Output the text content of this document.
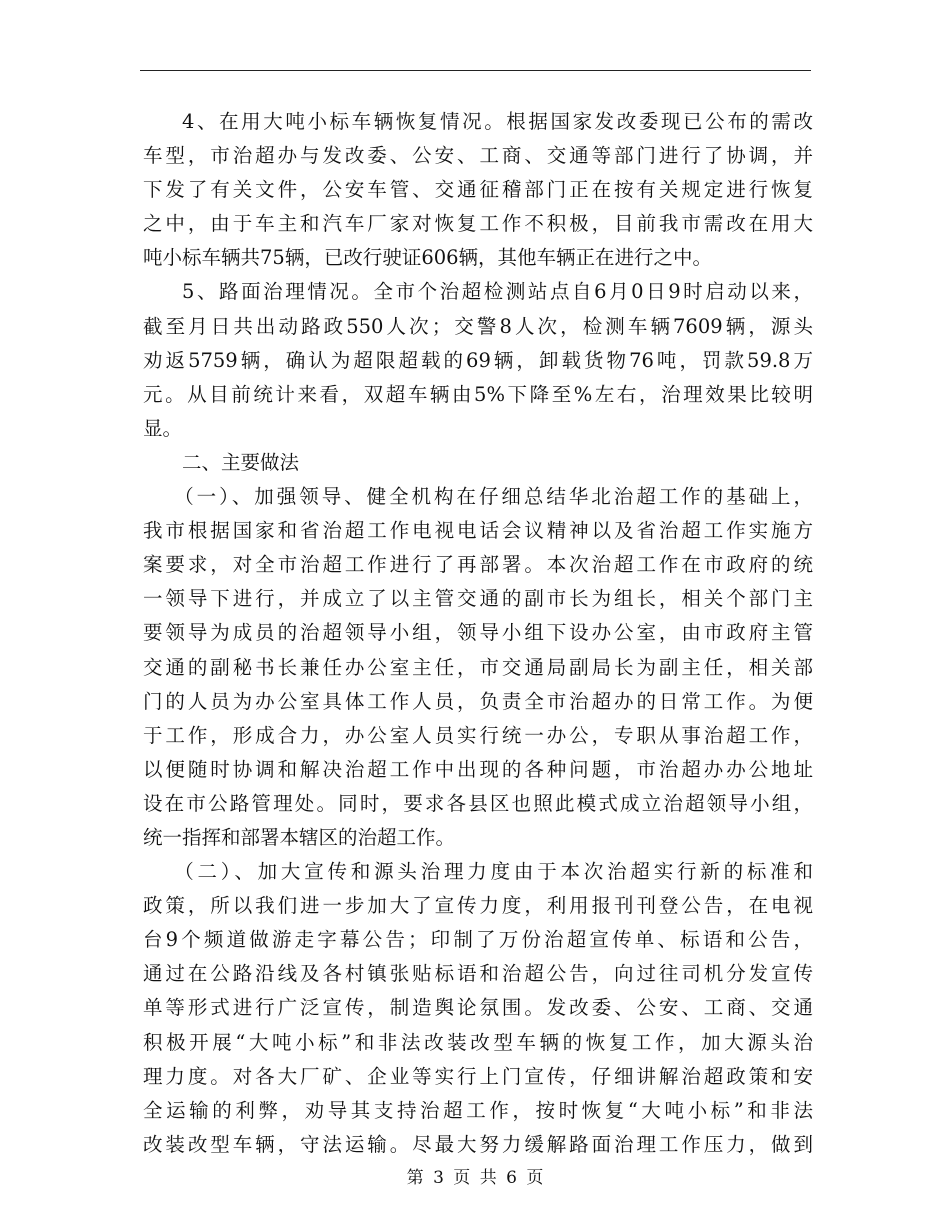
4、在用大吨小标车辆恢复情况。根据国家发改委现已公布的需改
车型，市治超办与发改委、公安、工商、交通等部门进行了协调，并
下发了有关文件，公安车管、交通征稽部门正在按有关规定进行恢复
之中，由于车主和汽车厂家对恢复工作不积极，目前我市需改在用大
吨小标车辆共75辆，已改行驶证606辆，其他车辆正在进行之中。
5、路面治理情况。全市个治超检测站点自6月0日9时启动以来，
截至月日共出动路政550人次；交警8人次，检测车辆7609辆，源头
劝返5759辆，确认为超限超载的69辆，卸载货物76吨，罚款59.8万
元。从目前统计来看，双超车辆由5%下降至%左右，治理效果比较明
显。
二、主要做法
（一）、加强领导、健全机构在仔细总结华北治超工作的基础上，
我市根据国家和省治超工作电视电话会议精神以及省治超工作实施方
案要求，对全市治超工作进行了再部署。本次治超工作在市政府的统
一领导下进行，并成立了以主管交通的副市长为组长，相关个部门主
要领导为成员的治超领导小组，领导小组下设办公室，由市政府主管
交通的副秘书长兼任办公室主任，市交通局副局长为副主任，相关部
门的人员为办公室具体工作人员，负责全市治超办的日常工作。为便
于工作，形成合力，办公室人员实行统一办公，专职从事治超工作，
以便随时协调和解决治超工作中出现的各种问题，市治超办办公地址
设在市公路管理处。同时，要求各县区也照此模式成立治超领导小组，
统一指挥和部署本辖区的治超工作。
（二）、加大宣传和源头治理力度由于本次治超实行新的标准和
政策，所以我们进一步加大了宣传力度，利用报刊刊登公告，在电视
台9个频道做游走字幕公告；印制了万份治超宣传单、标语和公告，
通过在公路沿线及各村镇张贴标语和治超公告，向过往司机分发宣传
单等形式进行广泛宣传，制造舆论氛围。发改委、公安、工商、交通
积极开展“大吨小标”和非法改装改型车辆的恢复工作，加大源头治
理力度。对各大厂矿、企业等实行上门宣传，仔细讲解治超政策和安
全运输的利弊，劝导其支持治超工作，按时恢复“大吨小标”和非法
改装改型车辆，守法运输。尽最大努力缓解路面治理工作压力，做到
第 3 页 共 6 页
